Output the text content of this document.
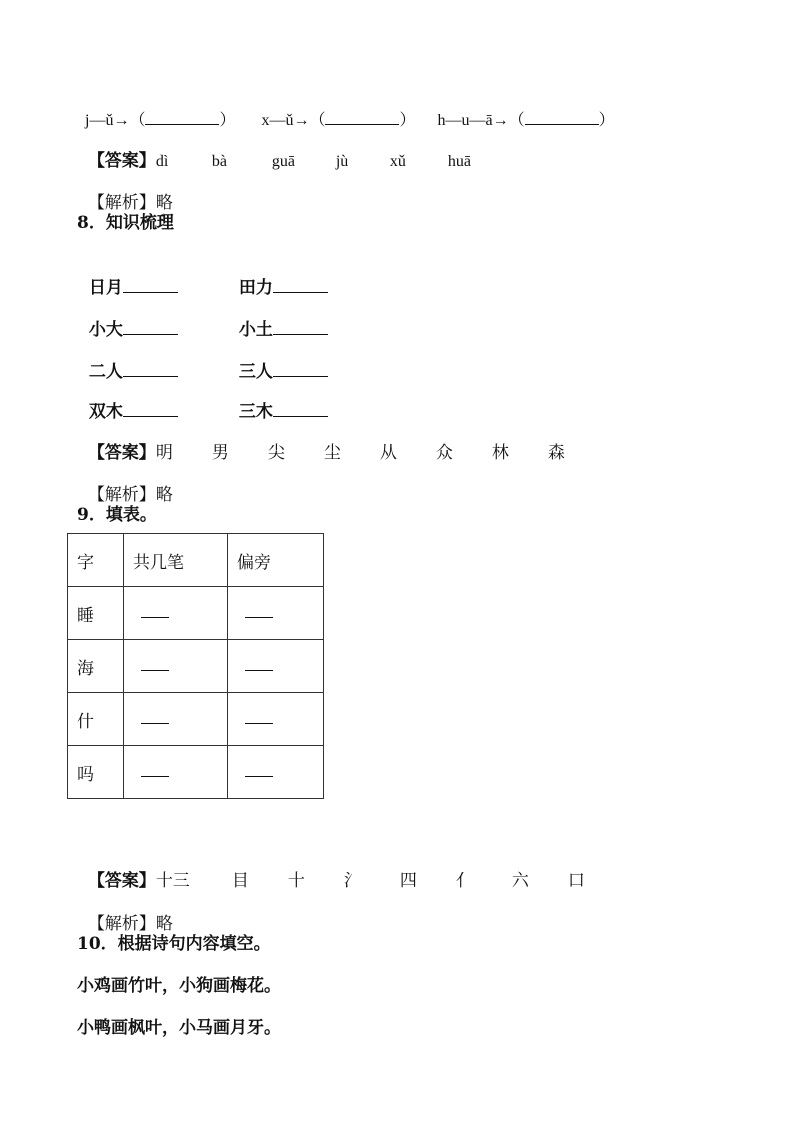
j—ǔ→（	） x—ǔ→（	） h—u—ā→（	）

【答案】dì	bà	guā	jù	xǔ	huā

【解析】略

8．知识梳理

日月	田力

小大	小土

二人	三人

双木	三木

【答案】明 男 尖 尘 从 众 林 森

【解析】略

9．填表。
字	共几笔	偏旁
睡		
海		
什		
吗		

【答案】十三 目 十 氵 四 亻 六 口

【解析】略

10．根据诗句内容填空。
小鸡画竹叶，小狗画梅花。
小鸭画枫叶，小马画月牙。
